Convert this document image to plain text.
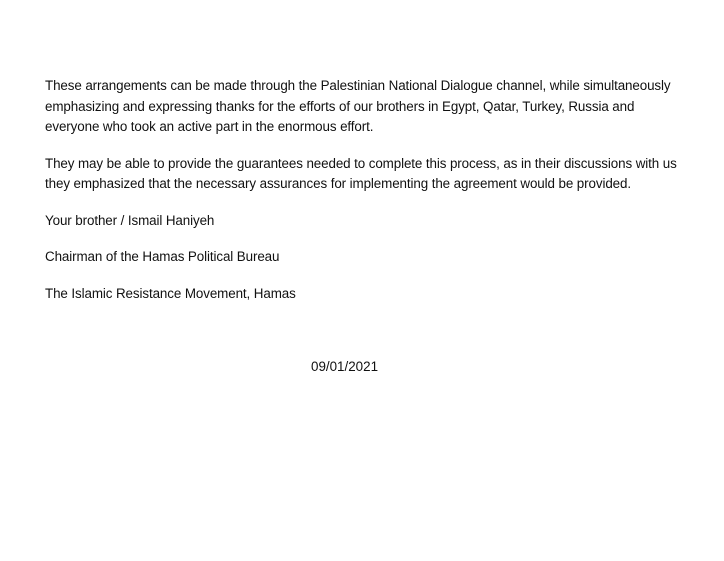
These arrangements can be made through the Palestinian National Dialogue channel, while simultaneously emphasizing and expressing thanks for the efforts of our brothers in Egypt, Qatar, Turkey, Russia and everyone who took an active part in the enormous effort.

They may be able to provide the guarantees needed to complete this process, as in their discussions with us they emphasized that the necessary assurances for implementing the agreement would be provided.

Your brother / Ismail Haniyeh

Chairman of the Hamas Political Bureau

The Islamic Resistance Movement, Hamas

09/01/2021
